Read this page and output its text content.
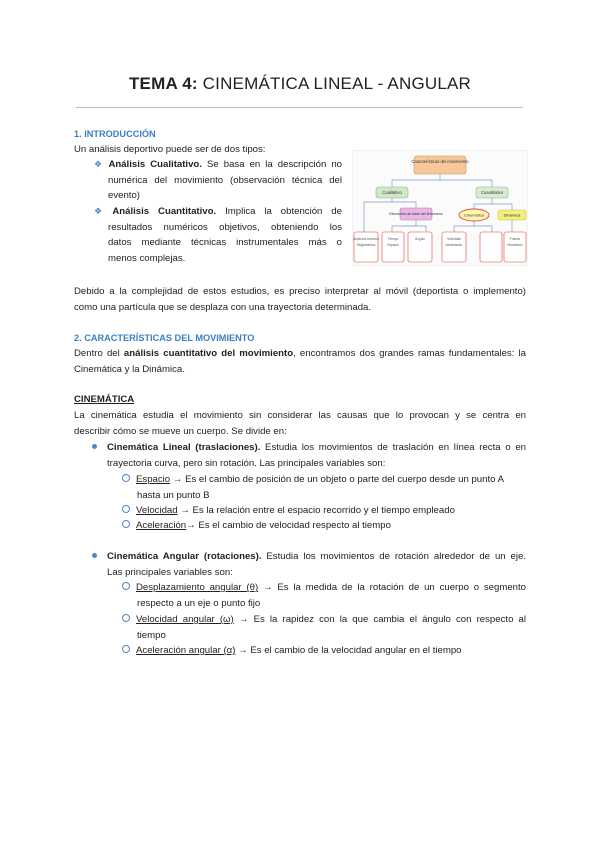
TEMA 4: CINEMÁTICA LINEAL - ANGULAR
1. INTRODUCCIÓN
Un análisis deportivo puede ser de dos tipos:
❖ Análisis Cualitativo. Se basa en la descripción no
numérica del movimiento (observación técnica del
evento)
❖ Análisis Cuantitativo. Implica la obtención de
resultados numéricos objetivos, obteniendo los
datos mediante técnicas instrumentales más o
menos complejas.
Características del movimiento
Cualitativo	Cuantitativo
Elementos de base del fenómeno	Cinemática	Dinámica
Aspectos técnicos
Reglamentos
Tiempo
Espacio
Ángulo	Velocidad
Aceleración
Fuerza
Momentos
Debido a la complejidad de estos estudios, es preciso interpretar al móvil (deportista o implemento)
como una partícula que se desplaza con una trayectoria determinada.
2. CARACTERÍSTICAS DEL MOVIMIENTO
Dentro del análisis cuantitativo del movimiento, encontramos dos grandes ramas fundamentales: la
Cinemática y la Dinámica.
CINEMÁTICA
La cinemática estudia el movimiento sin considerar las causas que lo provocan y se centra en
describir cómo se mueve un cuerpo. Se divide en:
Cinemática Lineal (traslaciones). Estudia los movimientos de traslación en línea recta o en
trayectoria curva, pero sin rotación. Las principales variables son:
Espacio → Es el cambio de posición de un objeto o parte del cuerpo desde un punto A
hasta un punto B
Velocidad → Es la relación entre el espacio recorrido y el tiempo empleado
Aceleración→ Es el cambio de velocidad respecto al tiempo
Cinemática Angular (rotaciones). Estudia los movimientos de rotación alrededor de un eje.
Las principales variables son:
Desplazamiento angular (θ) → Es la medida de la rotación de un cuerpo o segmento
respecto a un eje o punto fijo
Velocidad angular (ω) → Es la rapidez con la que cambia el ángulo con respecto al
tiempo
Aceleración angular (α) → Es el cambio de la velocidad angular en el tiempo
